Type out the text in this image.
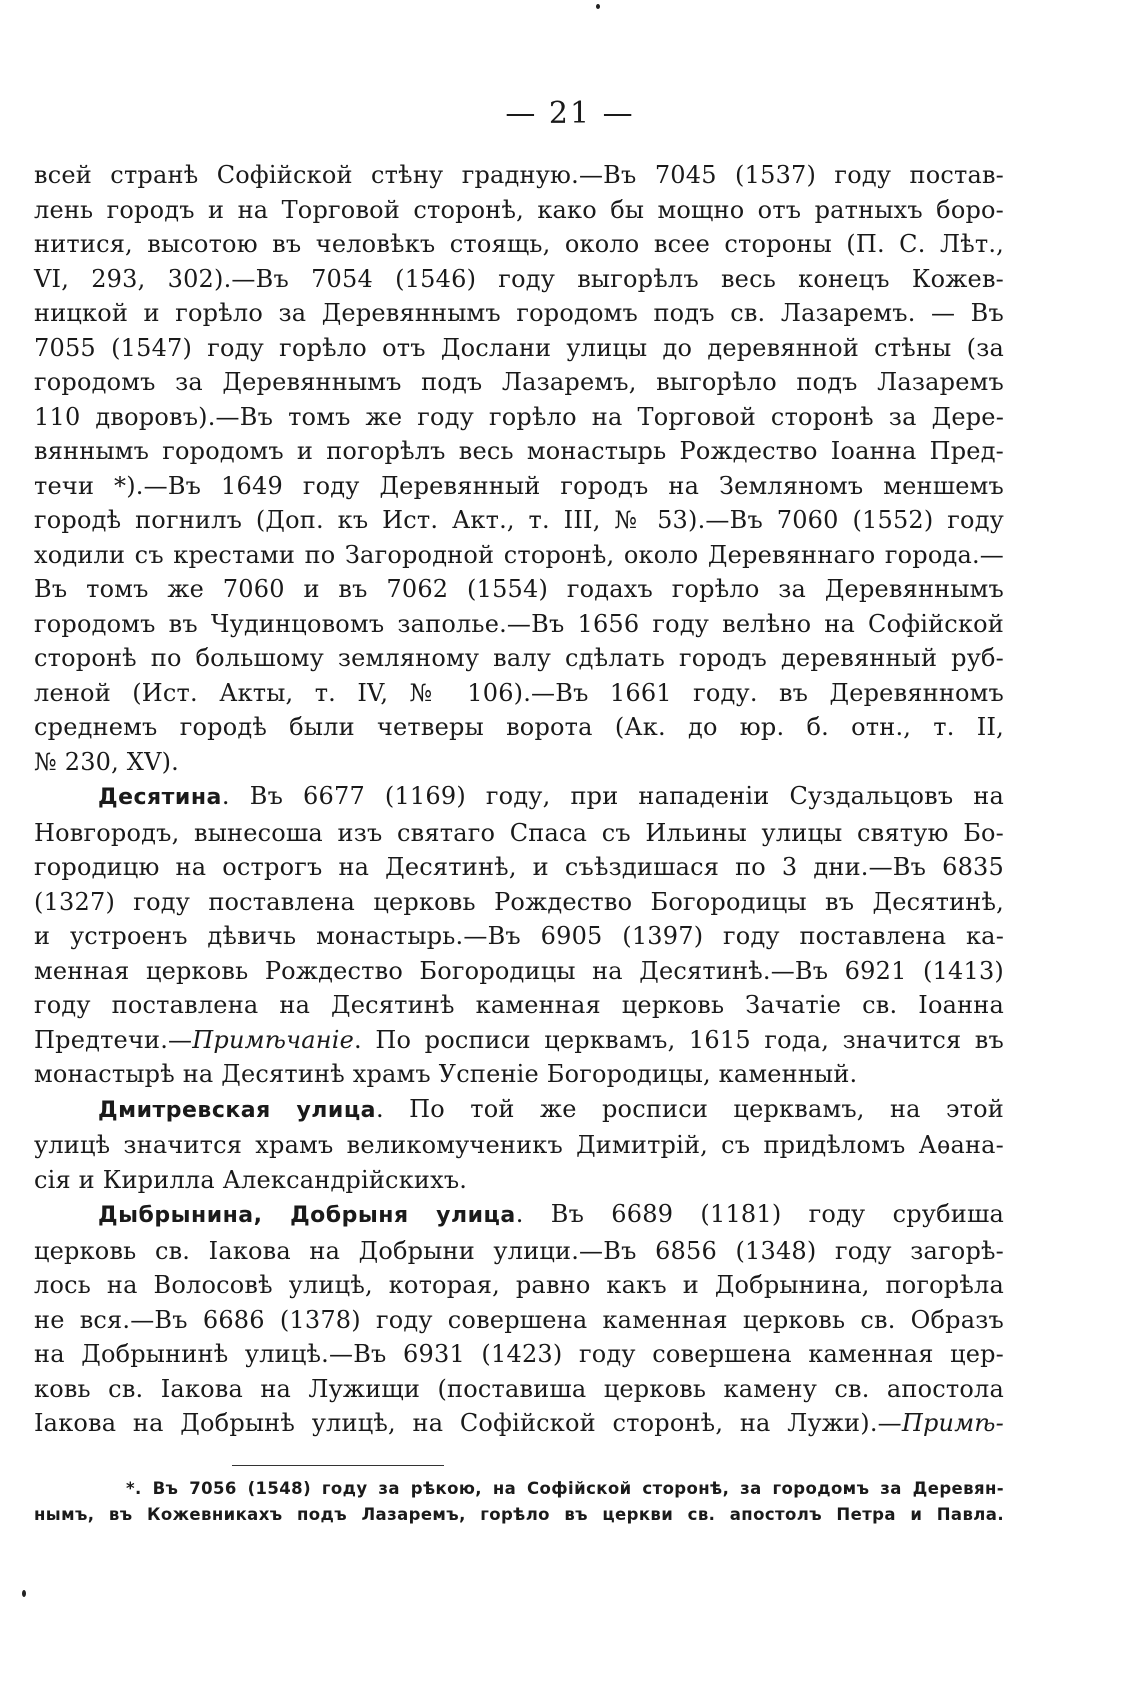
— 21 —
всей странѣ Софійской стѣну градную.—Въ 7045 (1537) году постав-
лень городъ и на Торговой сторонѣ, како бы мощно отъ ратныхъ боро-
нитися, высотою въ человѣкъ стоящь, около всее стороны (П. С. Лѣт.,
VI, 293, 302).—Въ 7054 (1546) году выгорѣлъ весь конецъ Кожев-
ницкой и горѣло за Деревяннымъ городомъ подъ св. Лазаремъ. — Въ
7055 (1547) году горѣло отъ Дослани улицы до деревянной стѣны (за
городомъ за Деревяннымъ подъ Лазаремъ, выгорѣло подъ Лазаремъ
110 дворовъ).—Въ томъ же году горѣло на Торговой сторонѣ за Дере-
вяннымъ городомъ и погорѣлъ весь монастырь Рождество Іоанна Пред-
течи *).—Въ 1649 году Деревянный городъ на Земляномъ меншемъ
городѣ погнилъ (Доп. къ Ист. Акт., т. III, № 53).—Въ 7060 (1552) году
ходили съ крестами по Загородной сторонѣ, около Деревяннаго города.—
Въ томъ же 7060 и въ 7062 (1554) годахъ горѣло за Деревяннымъ
городомъ въ Чудинцовомъ заполье.—Въ 1656 году велѣно на Софійской
сторонѣ по большому земляному валу сдѣлать городъ деревянный руб-
леной (Ист. Акты, т. IV, № 106).—Въ 1661 году. въ Деревянномъ
среднемъ городѣ были четверы ворота (Ак. до юр. б. отн., т. II,
№ 230, XV).
Десятина. Въ 6677 (1169) году, при нападеніи Суздальцовъ на
Новгородъ, вынесоша изъ святаго Спаса съ Ильины улицы святую Бо-
городицю на острогъ на Десятинѣ, и съѣздишася по 3 дни.—Въ 6835
(1327) году поставлена церковь Рождество Богородицы въ Десятинѣ,
и устроенъ дѣвичь монастырь.—Въ 6905 (1397) году поставлена ка-
менная церковь Рождество Богородицы на Десятинѣ.—Въ 6921 (1413)
году поставлена на Десятинѣ каменная церковь Зачатіе св. Іоанна
Предтечи.—Примѣчаніе. По росписи церквамъ, 1615 года, значится въ
монастырѣ на Десятинѣ храмъ Успеніе Богородицы, каменный.
Дмитревская улица. По той же росписи церквамъ, на этой
улицѣ значится храмъ великомученикъ Димитрій, съ придѣломъ Аѳана-
сія и Кирилла Александрійскихъ.
Дыбрынина, Добрыня улица. Въ 6689 (1181) году срубиша
церковь св. Іакова на Добрыни улици.—Въ 6856 (1348) году загорѣ-
лось на Волосовѣ улицѣ, которая, равно какъ и Добрынина, погорѣла
не вся.—Въ 6686 (1378) году совершена каменная церковь св. Образъ
на Добрынинѣ улицѣ.—Въ 6931 (1423) году совершена каменная цер-
ковь св. Іакова на Лужищи (поставиша церковь камену св. апостола
Іакова на Добрынѣ улицѣ, на Софійской сторонѣ, на Лужи).—Примѣ-
*. Въ 7056 (1548) году за рѣкою, на Софійской сторонѣ, за городомъ за Деревян-
нымъ, въ Кожевникахъ подъ Лазаремъ, горѣло въ церкви св. апостолъ Петра и Павла.
